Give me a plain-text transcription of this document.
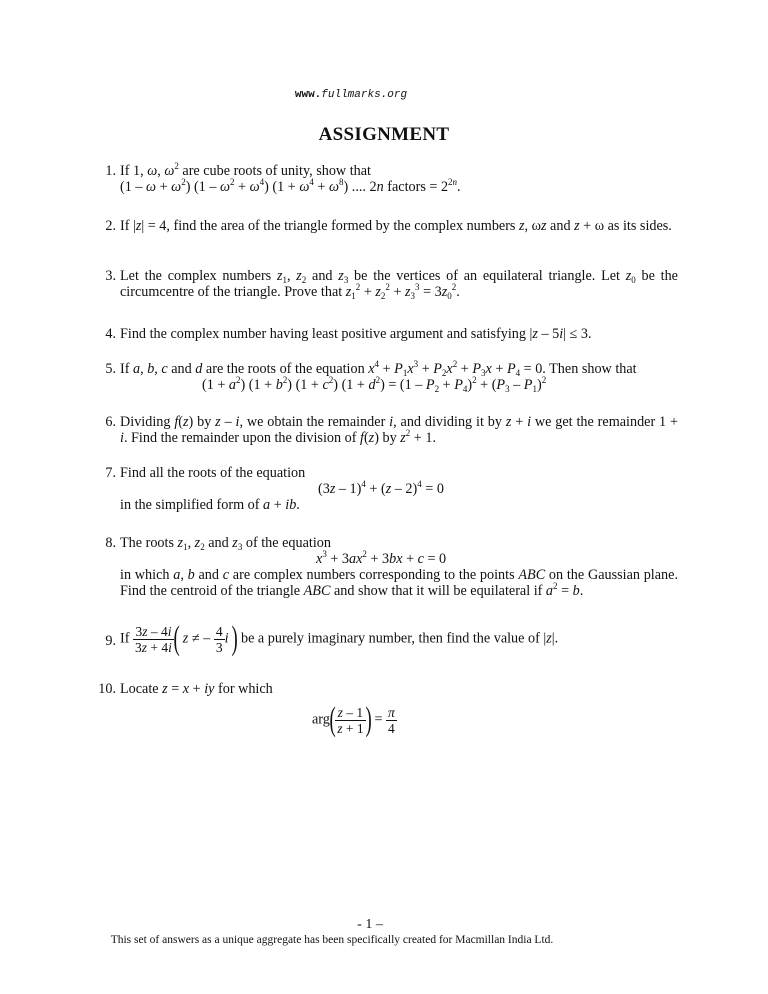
www.fullmarks.org
ASSIGNMENT
1. If 1, ω, $\omega^2$ are cube roots of unity, show that
$(1 - \omega + \omega^2)$ $(1 - \omega^2 + \omega^4)$ $(1 + \omega^4 + \omega^8)$ .... 2n factors = $2^{2n}$.
2. If |z| = 4, find the area of the triangle formed by the complex numbers z, ωz and z + ω as its sides.
3. Let the complex numbers $z_1$, $z_2$ and $z_3$ be the vertices of an equilateral triangle. Let $z_0$ be the circumcentre of the triangle. Prove that $z_1^2 + z_2^2 + z_3^3 = 3z_0^2$.
4. Find the complex number having least positive argument and satisfying |z – 5i| ≤ 3.
5. If a, b, c and d are the roots of the equation $x^4 + P_1x^3 + P_2x^2 + P_3x + P_4 = 0$. Then show that
$(1 + a^2)$ $(1 + b^2)$ $(1 + c^2)$ $(1 + d^2) = (1 - P_2 + P_4)^2 + (P_3 - P_1)^2$
6. Dividing f(z) by z – i, we obtain the remainder i, and dividing it by z + i we get the remainder 1 + i. Find the remainder upon the division of f(z) by $z^2 + 1$.
7. Find all the roots of the equation
(3z – 1)$^4$ + (z – 2)$^4$ = 0
in the simplified form of a + ib.
8. The roots $z_1$, $z_2$ and $z_3$ of the equation
$x^3 + 3ax^2 + 3bx + c = 0$
in which a, b and c are complex numbers corresponding to the points ABC on the Gaussian plane. Find the centroid of the triangle ABC and show that it will be equilateral if $a^2 = b$.
9. If $\frac{3z - 4i}{3z + 4i}$ ( z ≠ – $\frac{4}{3}$ i ) be a purely imaginary number, then find the value of |z|.
10. Locate z = x + iy for which
$arg( \frac{z - 1}{z + 1}$ ) = $\frac{\pi}{4}$
- 1 –
This set of answers as a unique aggregate has been specifically created for Macmillan India Ltd.
